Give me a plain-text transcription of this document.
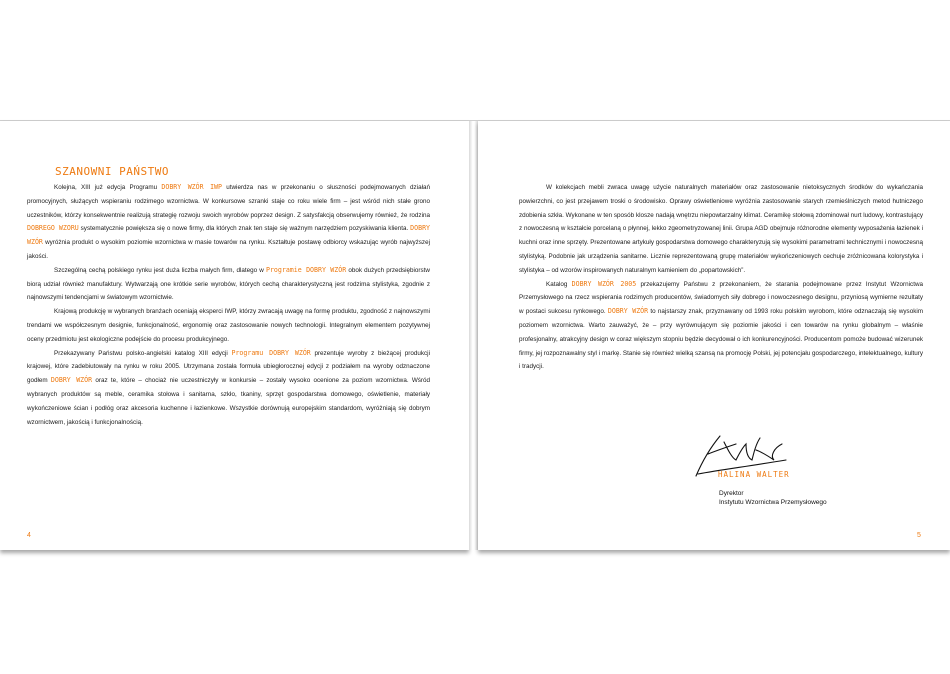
SZANOWNI PAŃSTWO

Kolejna, XIII już edycja Programu DOBRY WZÓR IWP utwierdza nas w przekonaniu o słuszności podejmowanych działań promocyjnych, służących wspieraniu rodzimego wzornictwa. W konkursowe szranki staje co roku wiele firm – jest wśród nich stałe grono uczestników, którzy konsekwentnie realizują strategię rozwoju swoich wyrobów poprzez design. Z satysfakcją obserwujemy również, że rodzina DOBREGO WZORU systematycznie powiększa się o nowe firmy, dla których znak ten staje się ważnym narzędziem pozyskiwania klienta. DOBRY WZÓR wyróżnia produkt o wysokim poziomie wzornictwa w masie towarów na rynku. Kształtuje postawę odbiorcy wskazując wyrób najwyższej jakości.

Szczególną cechą polskiego rynku jest duża liczba małych firm, dlatego w Programie DOBRY WZÓR obok dużych przedsiębiorstw biorą udział również manufaktury. Wytwarzają one krótkie serie wyrobów, których cechą charakterystyczną jest rodzima stylistyka, zgodnie z najnowszymi tendencjami w światowym wzornictwie.

Krajową produkcję w wybranych branżach oceniają eksperci IWP, którzy zwracają uwagę na formę produktu, zgodność z najnowszymi trendami we współczesnym designie, funkcjonalność, ergonomię oraz zastosowanie nowych technologii. Integralnym elementem pozytywnej oceny przedmiotu jest ekologiczne podejście do procesu produkcyjnego.

Przekazywany Państwu polsko-angielski katalog XIII edycji Programu DOBRY WZÓR prezentuje wyroby z bieżącej produkcji krajowej, które zadebiutowały na rynku w roku 2005. Utrzymana została formuła ubiegłorocznej edycji z podziałem na wyroby odznaczone godłem DOBRY WZÓR oraz te, które – chociaż nie uczestniczyły w konkursie – zostały wysoko ocenione za poziom wzornictwa. Wśród wybranych produktów są meble, ceramika stołowa i sanitarna, szkło, tkaniny, sprzęt gospodarstwa domowego, oświetlenie, materiały wykończeniowe ścian i podłóg oraz akcesoria kuchenne i łazienkowe. Wszystkie dorównują europejskim standardom, wyróżniają się dobrym wzornictwem, jakością i funkcjonalnością.

W kolekcjach mebli zwraca uwagę użycie naturalnych materiałów oraz zastosowanie nietoksycznych środków do wykańczania powierzchni, co jest przejawem troski o środowisko. Oprawy oświetleniowe wyróżnia zastosowanie starych rzemieślniczych metod hutniczego zdobienia szkła. Wykonane w ten sposób klosze nadają wnętrzu niepowtarzalny klimat. Ceramikę stołową zdominował nurt ludowy, kontrastujący z nowoczesną w kształcie porcelaną o płynnej, lekko zgeometryzowanej linii. Grupa AGD obejmuje różnorodne elementy wyposażenia łazienek i kuchni oraz inne sprzęty. Prezentowane artykuły gospodarstwa domowego charakteryzują się wysokimi parametrami technicznymi i nowoczesną stylistyką. Podobnie jak urządzenia sanitarne. Licznie reprezentowaną grupę materiałów wykończeniowych cechuje zróżnicowana kolorystyka i stylistyka – od wzorów inspirowanych naturalnym kamieniem do „popartowskich”.

Katalog DOBRY WZÓR 2005 przekazujemy Państwu z przekonaniem, że starania podejmowane przez Instytut Wzornictwa Przemysłowego na rzecz wspierania rodzimych producentów, świadomych siły dobrego i nowoczesnego designu, przyniosą wymierne rezultaty w postaci sukcesu rynkowego. DOBRY WZÓR to najstarszy znak, przyznawany od 1993 roku polskim wyrobom, które odznaczają się wysokim poziomem wzornictwa. Warto zauważyć, że – przy wyrównującym się poziomie jakości i cen towarów na rynku globalnym – właśnie profesjonalny, atrakcyjny design w coraz większym stopniu będzie decydował o ich konkurencyjności. Producentom pomoże budować wizerunek firmy, jej rozpoznawalny styl i markę. Stanie się również wielką szansą na promocję Polski, jej potencjału gospodarczego, intelektualnego, kultury i tradycji.

4	5
HALINA WALTER
Dyrektor
Instytutu Wzornictwa Przemysłowego
